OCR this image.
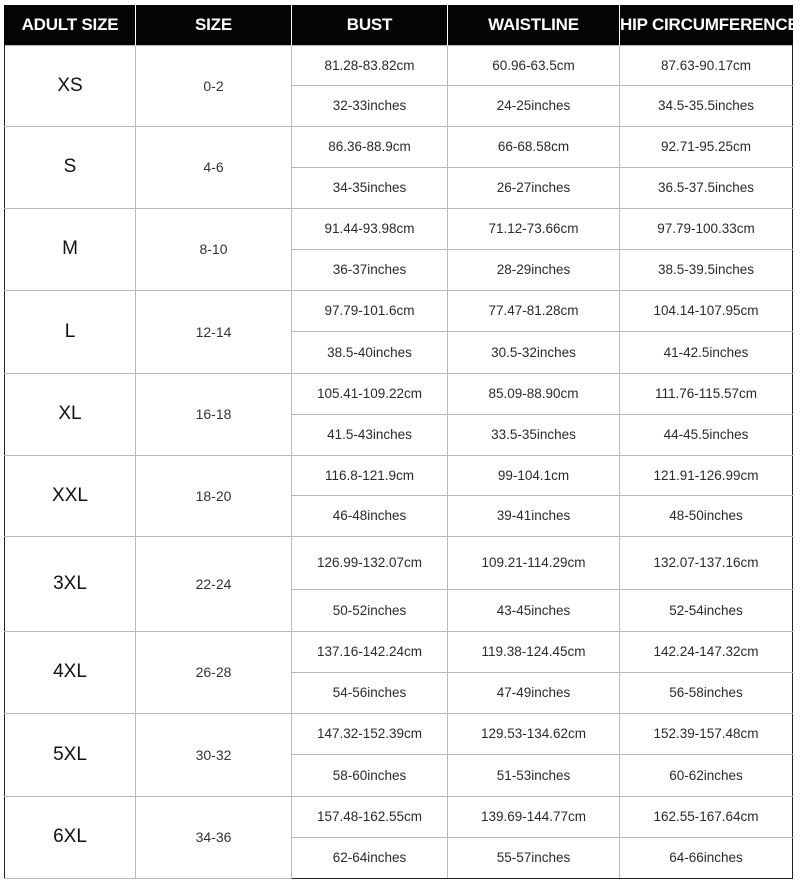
ADULT SIZE	SIZE	BUST	WAISTLINE	HIP CIRCUMFERENCE
XS	0-2	81.28-83.82cm	60.96-63.5cm	87.63-90.17cm
		32-33inches	24-25inches	34.5-35.5inches
S	4-6	86.36-88.9cm	66-68.58cm	92.71-95.25cm
		34-35inches	26-27inches	36.5-37.5inches
M	8-10	91.44-93.98cm	71.12-73.66cm	97.79-100.33cm
		36-37inches	28-29inches	38.5-39.5inches
L	12-14	97.79-101.6cm	77.47-81.28cm	104.14-107.95cm
		38.5-40inches	30.5-32inches	41-42.5inches
XL	16-18	105.41-109.22cm	85.09-88.90cm	111.76-115.57cm
		41.5-43inches	33.5-35inches	44-45.5inches
XXL	18-20	116.8-121.9cm	99-104.1cm	121.91-126.99cm
		46-48inches	39-41inches	48-50inches
3XL	22-24	126.99-132.07cm	109.21-114.29cm	132.07-137.16cm
		50-52inches	43-45inches	52-54inches
4XL	26-28	137.16-142.24cm	119.38-124.45cm	142.24-147.32cm
		54-56inches	47-49inches	56-58inches
5XL	30-32	147.32-152.39cm	129.53-134.62cm	152.39-157.48cm
		58-60inches	51-53inches	60-62inches
6XL	34-36	157.48-162.55cm	139.69-144.77cm	162.55-167.64cm
		62-64inches	55-57inches	64-66inches
